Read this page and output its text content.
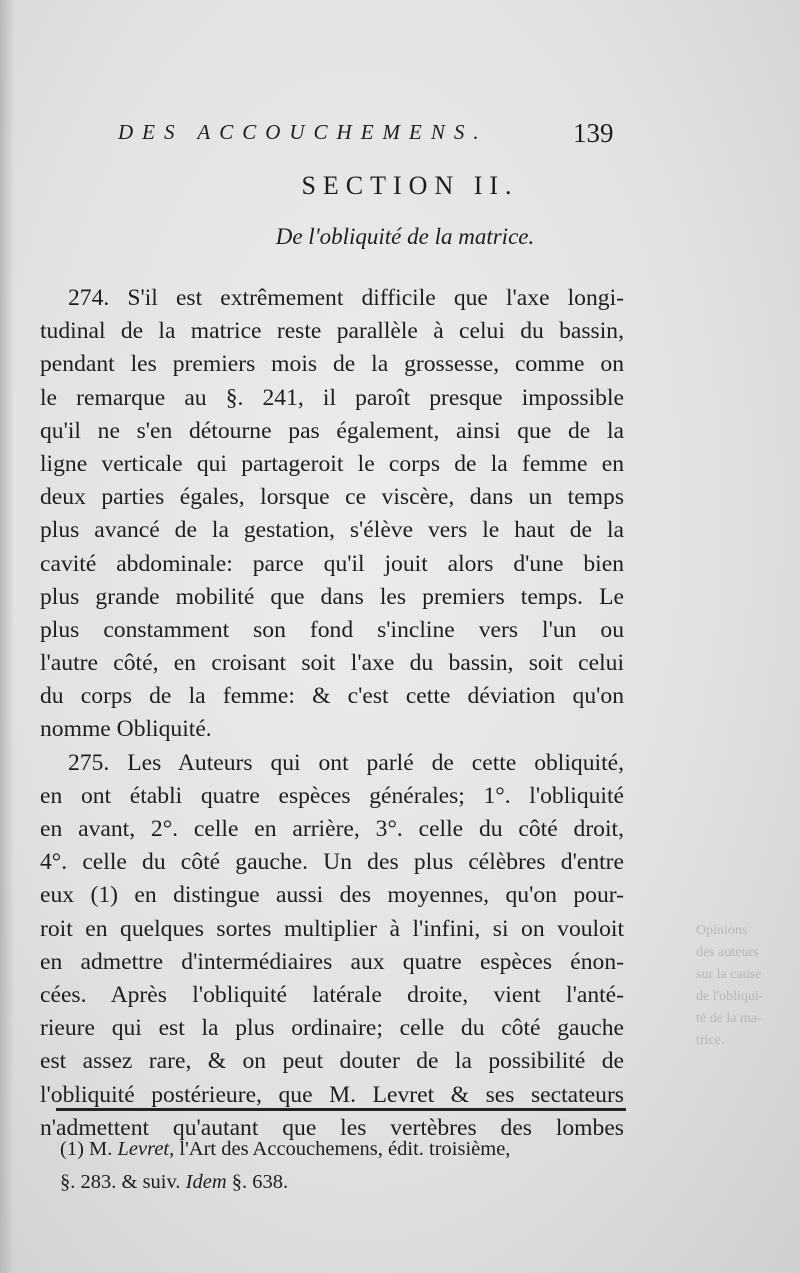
DES ACCOUCHEMENS.	139
SECTION II.
De l'obliquité de la matrice.
274. S'il est extrêmement difficile que l'axe longi-
tudinal de la matrice reste parallèle à celui du bassin,
pendant les premiers mois de la grossesse, comme on
le remarque au §. 241, il paroît presque impossible
qu'il ne s'en détourne pas également, ainsi que de la
ligne verticale qui partageroit le corps de la femme en
deux parties égales, lorsque ce viscère, dans un temps
plus avancé de la gestation, s'élève vers le haut de la
cavité abdominale: parce qu'il jouit alors d'une bien
plus grande mobilité que dans les premiers temps. Le
plus constamment son fond s'incline vers l'un ou
l'autre côté, en croisant soit l'axe du bassin, soit celui
du corps de la femme: & c'est cette déviation qu'on
nomme Obliquité.
275. Les Auteurs qui ont parlé de cette obliquité,
en ont établi quatre espèces générales; 1°. l'obliquité
en avant, 2°. celle en arrière, 3°. celle du côté droit,
4°. celle du côté gauche. Un des plus célèbres d'entre
eux (1) en distingue aussi des moyennes, qu'on pour-
roit en quelques sortes multiplier à l'infini, si on vouloit
en admettre d'intermédiaires aux quatre espèces énon-
cées. Après l'obliquité latérale droite, vient l'anté-
rieure qui est la plus ordinaire; celle du côté gauche
est assez rare, & on peut douter de la possibilité de
l'obliquité postérieure, que M. Levret & ses sectateurs
n'admettent qu'autant que les vertèbres des lombes
Opinions
des auteurs
sur la cause
de l'obliqui-
té de la ma-
trice.
(1) M. Levret, l'Art des Accouchemens, édit. troisième,
§. 283. & suiv. Idem §. 638.
